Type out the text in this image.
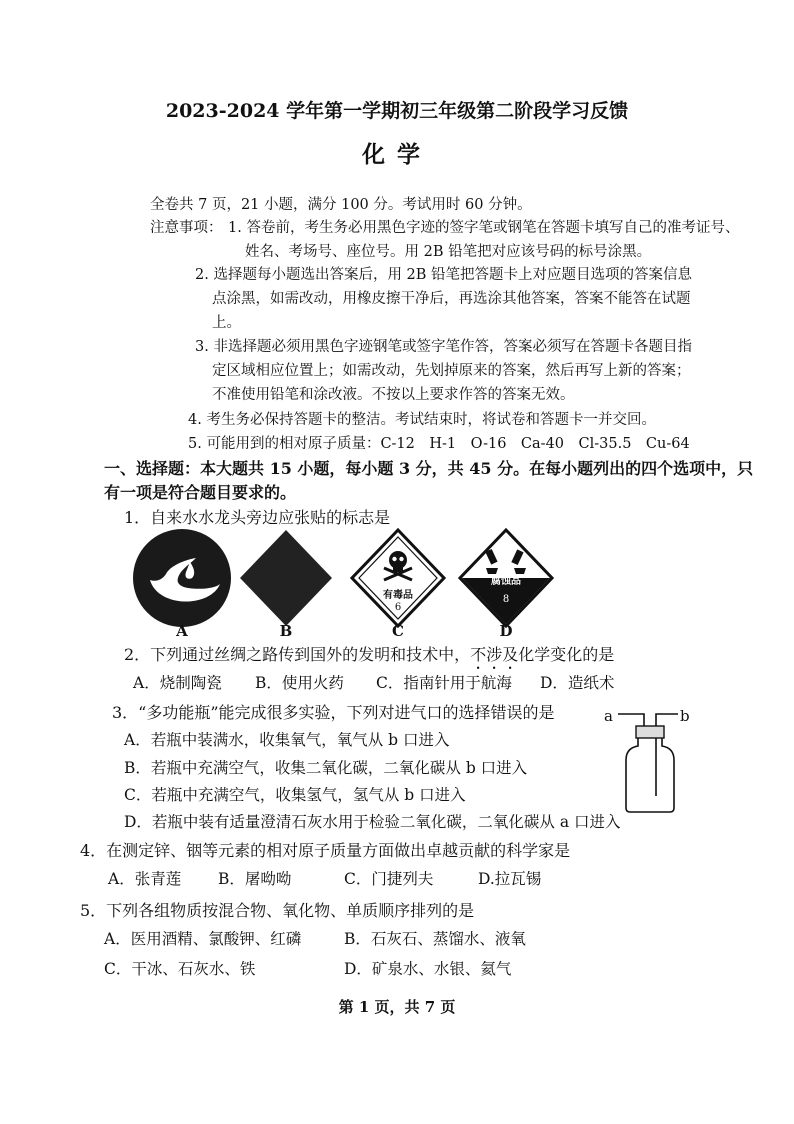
2023-2024 学年第一学期初三年级第二阶段学习反馈
化学
全卷共 7 页，21 小题，满分 100 分。考试用时 60 分钟。
注意事项： 1. 答卷前，考生务必用黑色字迹的签字笔或钢笔在答题卡填写自己的准考证号、
姓名、考场号、座位号。用 2B 铅笔把对应该号码的标号涂黑。
2. 选择题每小题选出答案后，用 2B 铅笔把答题卡上对应题目选项的答案信息
点涂黑，如需改动，用橡皮擦干净后，再选涂其他答案，答案不能答在试题
上。
3. 非选择题必须用黑色字迹钢笔或签字笔作答，答案必须写在答题卡各题目指
定区域相应位置上；如需改动，先划掉原来的答案，然后再写上新的答案；
不准使用铅笔和涂改液。不按以上要求作答的答案无效。
4. 考生务必保持答题卡的整洁。考试结束时，将试卷和答题卡一并交回。
5. 可能用到的相对原子质量：C-12　H-1　O-16　Ca-40　Cl-35.5　Cu-64
一、选择题：本大题共 15 小题，每小题 3 分，共 45 分。在每小题列出的四个选项中，只
有一项是符合题目要求的。
1．自来水水龙头旁边应张贴的标志是
有毒品
6
腐蚀品
8
A	B	C	D
2．下列通过丝绸之路传到国外的发明和技术中，不涉及化学变化的是
A．烧制陶瓷 B．使用火药 C．指南针用于航海 D．造纸术
3．“多功能瓶”能完成很多实验，下列对进气口的选择错误的是
A．若瓶中装满水，收集氧气，氧气从 b 口进入
B．若瓶中充满空气，收集二氧化碳，二氧化碳从 b 口进入
C．若瓶中充满空气，收集氢气，氢气从 b 口进入
D．若瓶中装有适量澄清石灰水用于检验二氧化碳，二氧化碳从 a 口进入
a	b
4．在测定锌、铟等元素的相对原子质量方面做出卓越贡献的科学家是
A．张青莲 B．屠呦呦	C．门捷列夫	D.拉瓦锡
5．下列各组物质按混合物、氧化物、单质顺序排列的是
A．医用酒精、氯酸钾、红磷	B．石灰石、蒸馏水、液氧
C．干冰、石灰水、铁	D．矿泉水、水银、氦气
第 1 页，共 7 页
